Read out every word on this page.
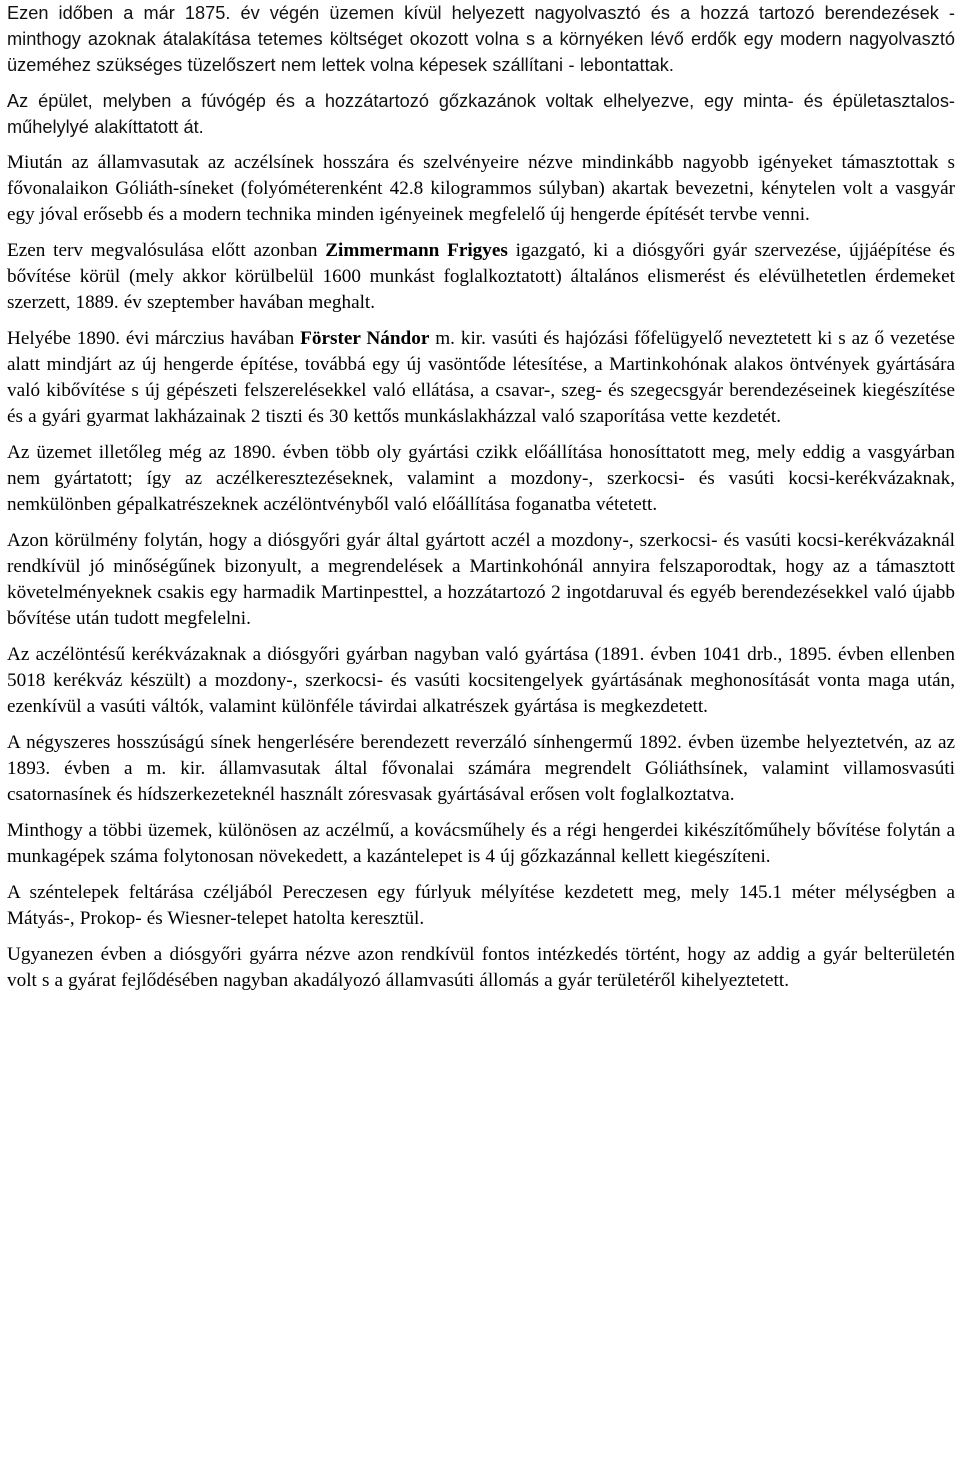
Ezen időben a már 1875. év végén üzemen kívül helyezett nagyolvasztó és a hozzá tartozó berendezések - minthogy azoknak átalakítása tetemes költséget okozott volna s a környéken lévő erdők egy modern nagyolvasztó üzeméhez szükséges tüzelőszert nem lettek volna képesek szállítani - lebontattak.

Az épület, melyben a fúvógép és a hozzátartozó gőzkazánok voltak elhelyezve, egy minta- és épületasztalos-műhelylyé alakíttatott át.

Miután az államvasutak az aczélsínek hosszára és szelvényeire nézve mindinkább nagyobb igényeket támasztottak s fővonalaikon Góliáth-síneket (folyóméterenként 42.8 kilogrammos súlyban) akartak bevezetni, kénytelen volt a vasgyár egy jóval erősebb és a modern technika minden igényeinek megfelelő új hengerde építését tervbe venni.

Ezen terv megvalósulása előtt azonban Zimmermann Frigyes igazgató, ki a diósgyőri gyár szervezése, újjáépítése és bővítése körül (mely akkor körülbelül 1600 munkást foglalkoztatott) általános elismerést és elévülhetetlen érdemeket szerzett, 1889. év szeptember havában meghalt.

Helyébe 1890. évi márczius havában Förster Nándor m. kir. vasúti és hajózási főfelügyelő neveztetett ki s az ő vezetése alatt mindjárt az új hengerde építése, továbbá egy új vasöntőde létesítése, a Martinkohónak alakos öntvények gyártására való kibővítése s új gépészeti felszerelésekkel való ellátása, a csavar-, szeg- és szegecsgyár berendezéseinek kiegészítése és a gyári gyarmat lakházainak 2 tiszti és 30 kettős munkáslakházzal való szaporítása vette kezdetét.

Az üzemet illetőleg még az 1890. évben több oly gyártási czikk előállítása honosíttatott meg, mely eddig a vasgyárban nem gyártatott; így az aczélkeresztezéseknek, valamint a mozdony-, szerkocsi- és vasúti kocsi-kerékvázaknak, nemkülönben gépalkatrészeknek aczélöntvényből való előállítása foganatba vétetett.

Azon körülmény folytán, hogy a diósgyőri gyár által gyártott aczél a mozdony-, szerkocsi- és vasúti kocsi-kerékvázaknál rendkívül jó minőségűnek bizonyult, a megrendelések a Martinkohónál annyira felszaporodtak, hogy az a támasztott követelményeknek csakis egy harmadik Martinpesttel, a hozzátartozó 2 ingotdaruval és egyéb berendezésekkel való újabb bővítése után tudott megfelelni.

Az aczélöntésű kerékvázaknak a diósgyőri gyárban nagyban való gyártása (1891. évben 1041 drb., 1895. évben ellenben 5018 kerékváz készült) a mozdony-, szerkocsi- és vasúti kocsitengelyek gyártásának meghonosítását vonta maga után, ezenkívül a vasúti váltók, valamint különféle távirdai alkatrészek gyártása is megkezdetett.

A négyszeres hosszúságú sínek hengerlésére berendezett reverzáló sínhengermű 1892. évben üzembe helyeztetvén, az az 1893. évben a m. kir. államvasutak által fővonalai számára megrendelt Góliáthsínek, valamint villamosvasúti csatornasínek és hídszerkezeteknél használt zóresvasak gyártásával erősen volt foglalkoztatva.

Minthogy a többi üzemek, különösen az aczélmű, a kovácsműhely és a régi hengerdei kikészítőműhely bővítése folytán a munkagépek száma folytonosan növekedett, a kazántelepet is 4 új gőzkazánnal kellett kiegészíteni.

A széntelepek feltárása czéljából Pereczesen egy fúrlyuk mélyítése kezdetett meg, mely 145.1 méter mélységben a Mátyás-, Prokop- és Wiesner-telepet hatolta keresztül.

Ugyanezen évben a diósgyőri gyárra nézve azon rendkívül fontos intézkedés történt, hogy az addig a gyár belterületén volt s a gyárat fejlődésében nagyban akadályozó államvasúti állomás a gyár területéről kihelyeztetett.
